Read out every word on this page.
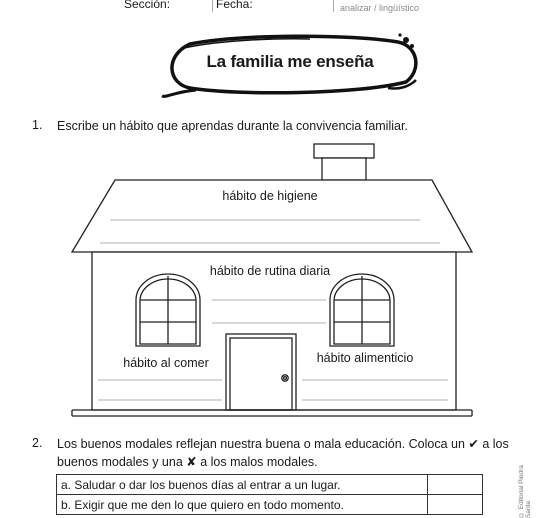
Sección:	Fecha:	analizar / lingüístico
La familia me enseña
1. Escribe un hábito que aprendas durante la convivencia familiar.
hábito de higiene
hábito de rutina diaria
hábito al comer	hábito alimenticio
2. Los buenos modales reflejan nuestra buena o mala educación. Coloca un ✔ a los
buenos modales y una ✘ a los malos modales.
a. Saludar o dar los buenos días al entrar a un lugar.	
b. Exigir que me den lo que quiero en todo momento.		© Editorial Piedra Santa
